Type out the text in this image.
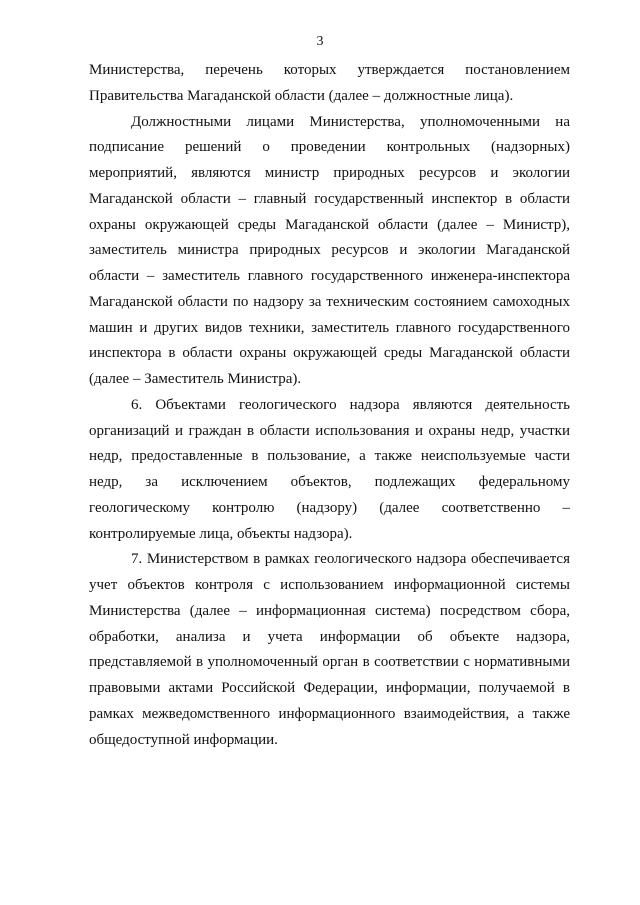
3

Министерства, перечень которых утверждается постановлением Правительства Магаданской области (далее – должностные лица).

Должностными лицами Министерства, уполномоченными на подписание решений о проведении контрольных (надзорных) мероприятий, являются министр природных ресурсов и экологии Магаданской области – главный государственный инспектор в области охраны окружающей среды Магаданской области (далее – Министр), заместитель министра природных ресурсов и экологии Магаданской области – заместитель главного государственного инженера-инспектора Магаданской области по надзору за техническим состоянием самоходных машин и других видов техники, заместитель главного государственного инспектора в области охраны окружающей среды Магаданской области (далее – Заместитель Министра).

6. Объектами геологического надзора являются деятельность организаций и граждан в области использования и охраны недр, участки недр, предоставленные в пользование, а также неиспользуемые части недр, за исключением объектов, подлежащих федеральному геологическому контролю (надзору) (далее соответственно – контролируемые лица, объекты надзора).

7. Министерством в рамках геологического надзора обеспечивается учет объектов контроля с использованием информационной системы Министерства (далее – информационная система) посредством сбора, обработки, анализа и учета информации об объекте надзора, представляемой в уполномоченный орган в соответствии с нормативными правовыми актами Российской Федерации, информации, получаемой в рамках межведомственного информационного взаимодействия, а также общедоступной информации.
